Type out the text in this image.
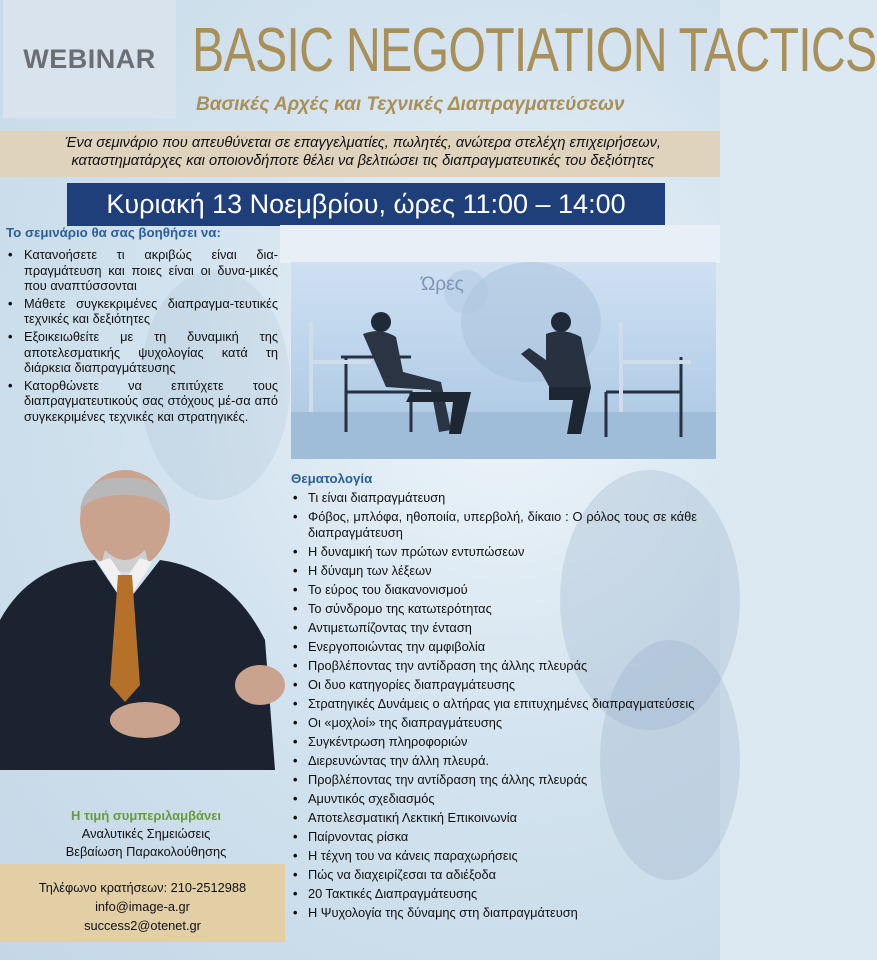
WEBINAR BASIC NEGOTIATION TACTICS
Βασικές Αρχές και Τεχνικές Διαπραγματεύσεων

Ένα σεμινάριο που απευθύνεται σε επαγγελματίες, πωλητές, ανώτερα στελέχη επιχειρήσεων, καταστηματάρχες και οποιονδήποτε θέλει να βελτιώσει τις διαπραγματευτικές του δεξιότητες

Κυριακή 13 Νοεμβρίου, ώρες 11:00 – 14:00
Το σεμινάριο θα σας βοηθήσει να:
• Κατανοήσετε τι ακριβώς είναι δια-πραγμάτευση και ποιες είναι οι δυνα-μικές που αναπτύσσονται
• Μάθετε συγκεκριμένες διαπραγμα-τευτικές τεχνικές και δεξιότητες
• Εξοικειωθείτε με τη δυναμική της αποτελεσματικής ψυχολογίας κατά τη διάρκεια διαπραγμάτευσης
• Κατορθώνετε να επιτύχετε τους διαπραγματευτικούς σας στόχους μέ-σα από συγκεκριμένες τεχνικές και στρατηγικές.
Ώρες
Θεματολογία
• Τι είναι διαπραγμάτευση
• Φόβος, μπλόφα, ηθοποιία, υπερβολή, δίκαιο : Ο ρόλος τους σε κάθε διαπραγμάτευση
• Η δυναμική των πρώτων εντυπώσεων
• Η δύναμη των λέξεων
• Το εύρος του διακανονισμού
• Το σύνδρομο της κατωτερότητας
• Αντιμετωπίζοντας την ένταση
• Ενεργοποιώντας την αμφιβολία
• Προβλέποντας την αντίδραση της άλλης πλευράς
• Οι δυο κατηγορίες διαπραγμάτευσης
• Στρατηγικές Δυνάμεις ο αλτήρας για επιτυχημένες διαπραγματεύσεις
• Οι «μοχλοί» της διαπραγμάτευσης
• Συγκέντρωση πληροφοριών
• Διερευνώντας την άλλη πλευρά.
• Προβλέποντας την αντίδραση της άλλης πλευράς
• Αμυντικός σχεδιασμός
• Αποτελεσματική Λεκτική Επικοινωνία
• Παίρνοντας ρίσκα
• Η τέχνη του να κάνεις παραχωρήσεις
• Πώς να διαχειρίζεσαι τα αδιέξοδα
• 20 Τακτικές Διαπραγμάτευσης
• Η Ψυχολογία της δύναμης στη διαπραγμάτευση
Η τιμή συμπεριλαμβάνει
Αναλυτικές Σημειώσεις
Βεβαίωση Παρακολούθησης
Τηλέφωνο κρατήσεων: 210-2512988
info@image-a.gr
success2@otenet.gr
